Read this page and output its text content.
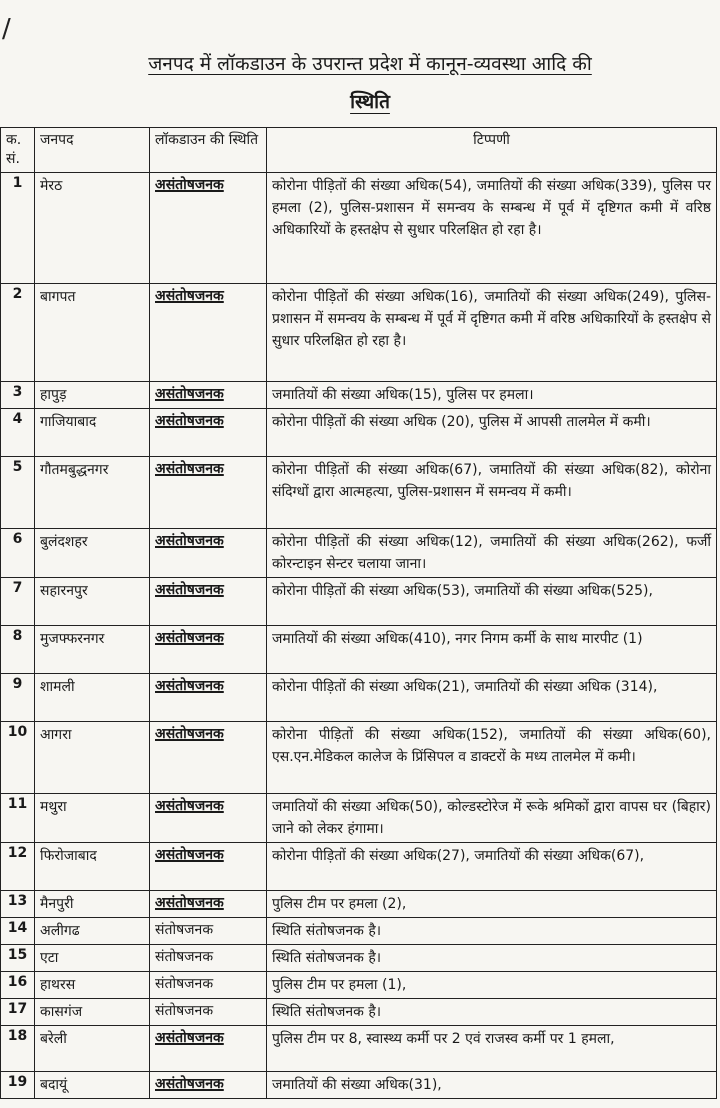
/
जनपद में लॉकडाउन के उपरान्त प्रदेश में कानून-व्यवस्था आदि की
स्थिति
क. सं.	जनपद	लॉकडाउन की स्थिति	टिप्पणी
1	मेरठ	असंतोषजनक	कोरोना पीड़ितों की संख्या अधिक(54), जमातियों की संख्या अधिक(339), पुलिस पर हमला (2), पुलिस-प्रशासन में समन्वय के सम्बन्ध में पूर्व में दृष्टिगत कमी में वरिष्ठ अधिकारियों के हस्तक्षेप से सुधार परिलक्षित हो रहा है।
2	बागपत	असंतोषजनक	कोरोना पीड़ितों की संख्या अधिक(16), जमातियों की संख्या अधिक(249), पुलिस-प्रशासन में समन्वय के सम्बन्ध में पूर्व में दृष्टिगत कमी में वरिष्ठ अधिकारियों के हस्तक्षेप से सुधार परिलक्षित हो रहा है।
3	हापुड़	असंतोषजनक	जमातियों की संख्या अधिक(15), पुलिस पर हमला।
4	गाजियाबाद	असंतोषजनक	कोरोना पीड़ितों की संख्या अधिक (20), पुलिस में आपसी तालमेल में कमी।
5	गौतमबुद्धनगर	असंतोषजनक	कोरोना पीड़ितों की संख्या अधिक(67), जमातियों की संख्या अधिक(82), कोरोना संदिग्धों द्वारा आत्महत्या, पुलिस-प्रशासन में समन्वय में कमी।
6	बुलंदशहर	असंतोषजनक	कोरोना पीड़ितों की संख्या अधिक(12), जमातियों की संख्या अधिक(262), फर्जी कोरन्टाइन सेन्टर चलाया जाना।
7	सहारनपुर	असंतोषजनक	कोरोना पीड़ितों की संख्या अधिक(53), जमातियों की संख्या अधिक(525),
8	मुजफ्फरनगर	असंतोषजनक	जमातियों की संख्या अधिक(410), नगर निगम कर्मी के साथ मारपीट (1)
9	शामली	असंतोषजनक	कोरोना पीड़ितों की संख्या अधिक(21), जमातियों की संख्या अधिक (314),
10	आगरा	असंतोषजनक	कोरोना पीड़ितों की संख्या अधिक(152), जमातियों की संख्या अधिक(60), एस.एन.मेडिकल कालेज के प्रिंसिपल व डाक्टरों के मध्य तालमेल में कमी।
11	मथुरा	असंतोषजनक	जमातियों की संख्या अधिक(50), कोल्डस्टोरेज में रूके श्रमिकों द्वारा वापस घर (बिहार) जाने को लेकर हंगामा।
12	फिरोजाबाद	असंतोषजनक	कोरोना पीड़ितों की संख्या अधिक(27), जमातियों की संख्या अधिक(67),
13	मैनपुरी	असंतोषजनक	पुलिस टीम पर हमला (2),
14	अलीगढ	संतोषजनक	स्थिति संतोषजनक है।
15	एटा	संतोषजनक	स्थिति संतोषजनक है।
16	हाथरस	संतोषजनक	पुलिस टीम पर हमला (1),
17	कासगंज	संतोषजनक	स्थिति संतोषजनक है।
18	बरेली	असंतोषजनक	पुलिस टीम पर 8, स्वास्थ्य कर्मी पर 2 एवं राजस्व कर्मी पर 1 हमला,
19	बदायूं	असंतोषजनक	जमातियों की संख्या अधिक(31),
